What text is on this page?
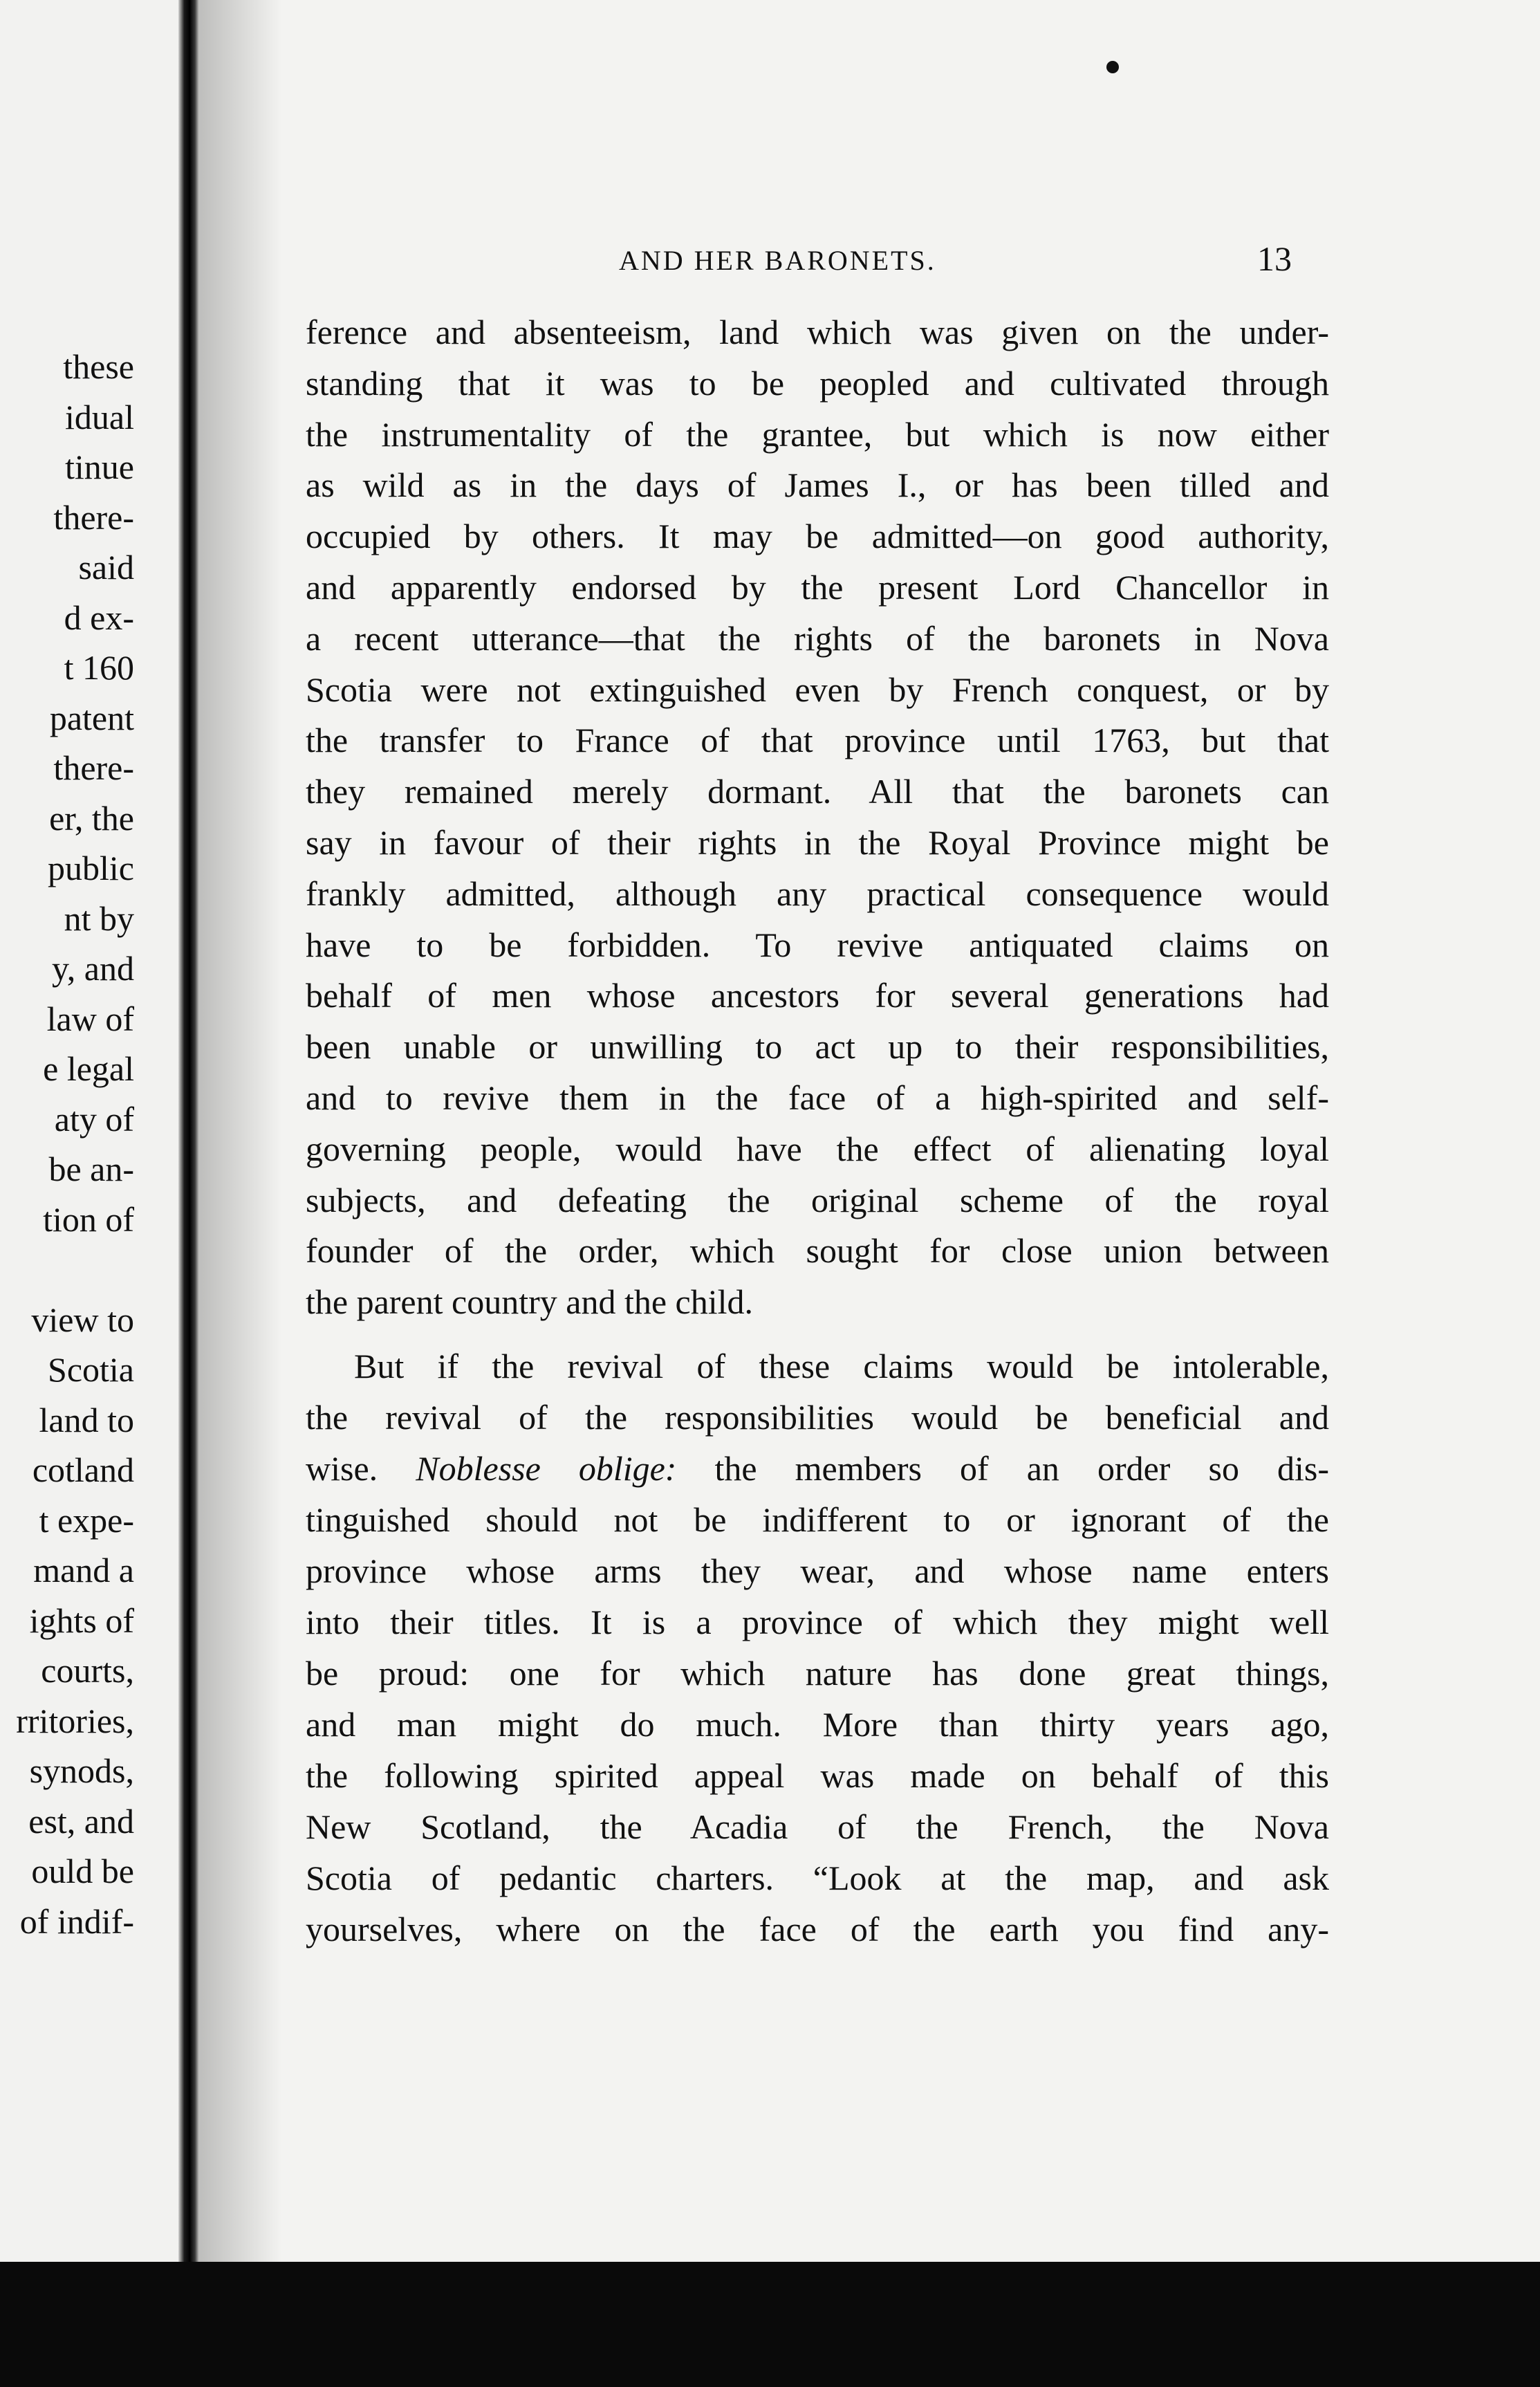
these
idual
tinue
there-
said
d ex-
t 160
patent
there-
er, the
public
nt by
y, and
law of
e legal
aty of
be an-
tion of
view to
Scotia
land to
cotland
t expe-
mand a
ights of
courts,
rritories,
synods,
est, and
ould be
of indif-
AND HER BARONETS.	13
ference and absenteeism, land which was given on the under-
standing that it was to be peopled and cultivated through
the instrumentality of the grantee, but which is now either
as wild as in the days of James I., or has been tilled and
occupied by others. It may be admitted—on good authority,
and apparently endorsed by the present Lord Chancellor in
a recent utterance—that the rights of the baronets in Nova
Scotia were not extinguished even by French conquest, or by
the transfer to France of that province until 1763, but that
they remained merely dormant. All that the baronets can
say in favour of their rights in the Royal Province might be
frankly admitted, although any practical consequence would
have to be forbidden. To revive antiquated claims on
behalf of men whose ancestors for several generations had
been unable or unwilling to act up to their responsibilities,
and to revive them in the face of a high-spirited and self-
governing people, would have the effect of alienating loyal
subjects, and defeating the original scheme of the royal
founder of the order, which sought for close union between
the parent country and the child.
But if the revival of these claims would be intolerable,
the revival of the responsibilities would be beneficial and
wise. Noblesse oblige: the members of an order so dis-
tinguished should not be indifferent to or ignorant of the
province whose arms they wear, and whose name enters
into their titles. It is a province of which they might well
be proud: one for which nature has done great things,
and man might do much. More than thirty years ago,
the following spirited appeal was made on behalf of this
New Scotland, the Acadia of the French, the Nova
Scotia of pedantic charters. “Look at the map, and ask
yourselves, where on the face of the earth you find any-
